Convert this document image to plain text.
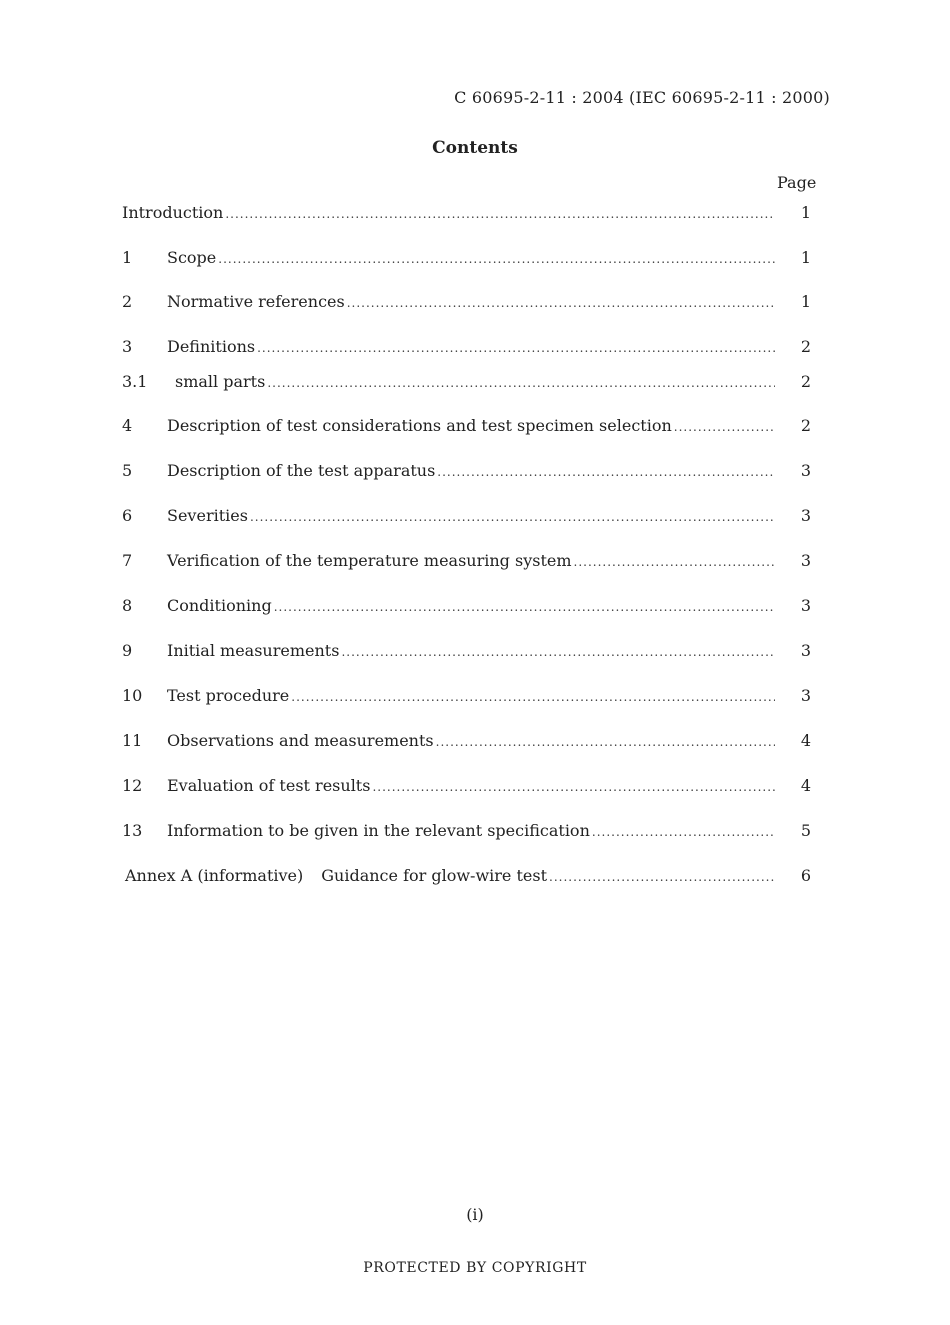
C 60695-2-11 : 2004 (IEC 60695-2-11 : 2000)
Contents
Page
Introduction .....	1
1	Scope .....	1
2	Normative references .....	1
3	Definitions .....	2
3.1	small parts .....	2
4	Description of test considerations and test specimen selection .....	2
5	Description of the test apparatus .....	3
6	Severities .....	3
7	Verification of the temperature measuring system .....	3
8	Conditioning .....	3
9	Initial measurements .....	3
10	Test procedure .....	3
11	Observations and measurements .....	4
12	Evaluation of test results .....	4
13	Information to be given in the relevant specification .....	5
Annex A (informative) Guidance for glow-wire test .....	6
(i)
PROTECTED BY COPYRIGHT
